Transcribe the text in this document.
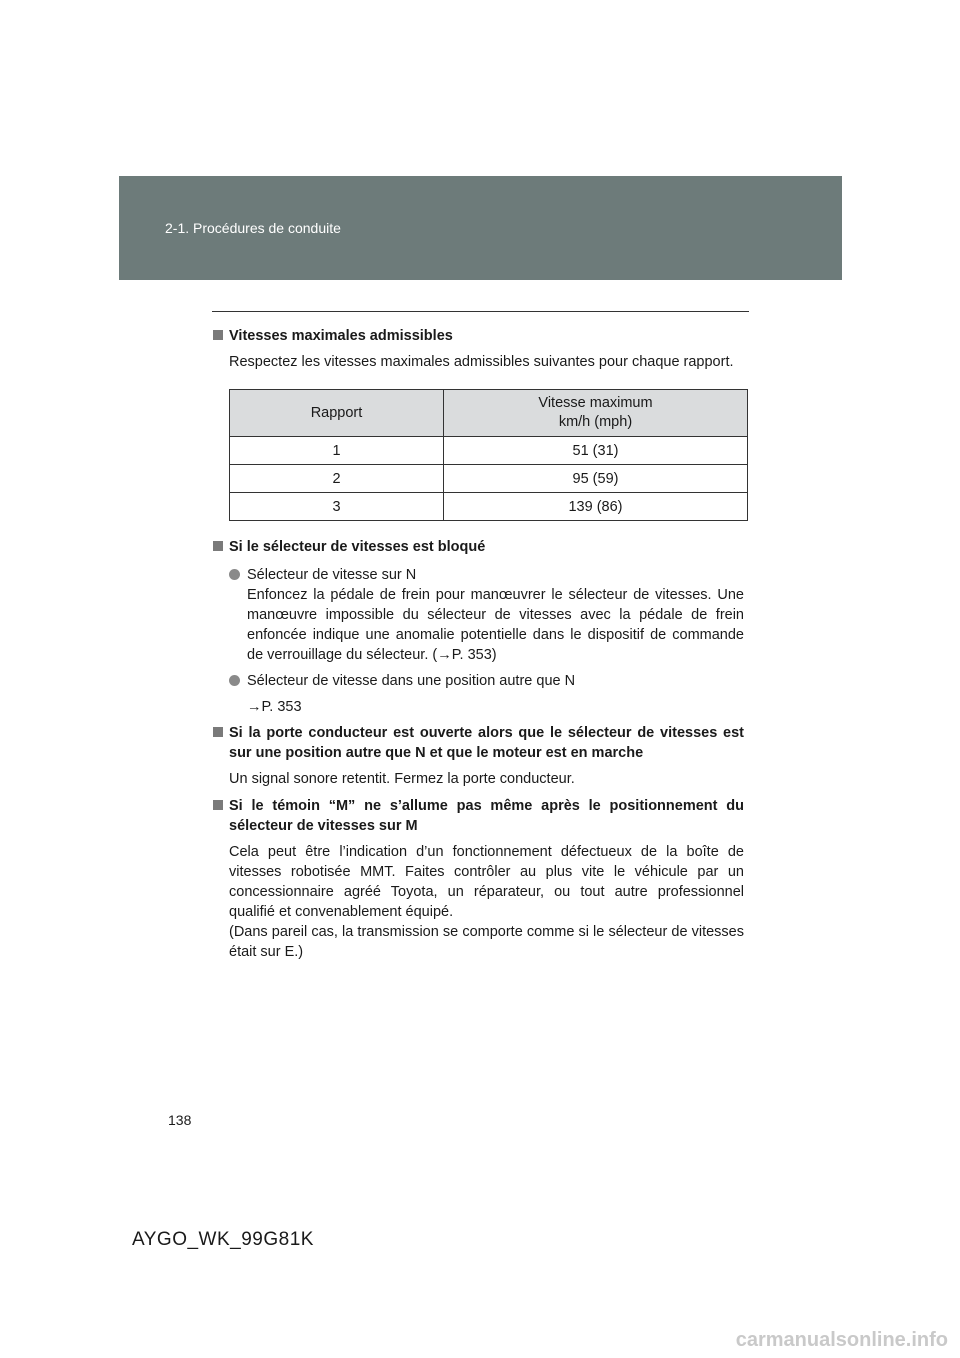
2-1. Procédures de conduite
Vitesses maximales admissibles
Respectez les vitesses maximales admissibles suivantes pour chaque rapport.
Rapport	Vitesse maximum
km/h (mph)

1	51 (31)
2	95 (59)
3	139 (86)
Si le sélecteur de vitesses est bloqué
Sélecteur de vitesse sur N
Enfoncez la pédale de frein pour manœuvrer le sélecteur de vitesses. Une manœuvre impossible du sélecteur de vitesses avec la pédale de frein enfoncée indique une anomalie potentielle dans le dispositif de commande de verrouillage du sélecteur. (→P. 353)
Sélecteur de vitesse dans une position autre que N
→P. 353
Si la porte conducteur est ouverte alors que le sélecteur de vitesses est sur une position autre que N et que le moteur est en marche
Un signal sonore retentit. Fermez la porte conducteur.
Si le témoin “M” ne s’allume pas même après le positionnement du sélecteur de vitesses sur M
Cela peut être l’indication d’un fonctionnement défectueux de la boîte de vitesses robotisée MMT. Faites contrôler au plus vite le véhicule par un concessionnaire agréé Toyota, un réparateur, ou tout autre professionnel qualifié et convenablement équipé.
(Dans pareil cas, la transmission se comporte comme si le sélecteur de vitesses était sur E.)
138
AYGO_WK_99G81K
carmanualsonline.info
